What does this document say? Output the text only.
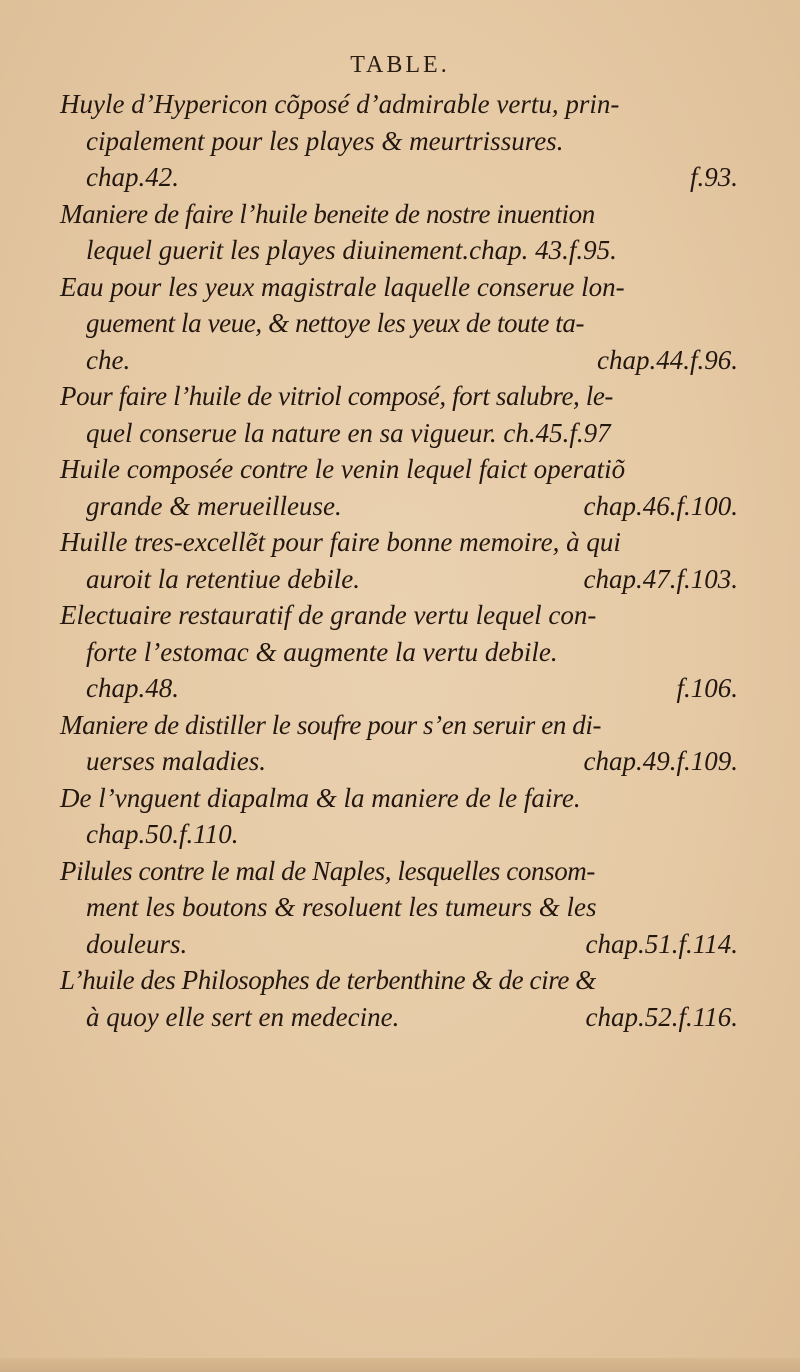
TABLE.
Huyle d’Hypericon cõposé d’admirable vertu, prin-
cipalement pour les playes & meurtrissures.
chap.42.	f.93.
Maniere de faire l’huile beneite de nostre inuention
lequel guerit les playes diuinement.chap. 43.f.95.
Eau pour les yeux magistrale laquelle conserue lon-
guement la veue, & nettoye les yeux de toute ta-
che.	chap.44.f.96.
Pour faire l’huile de vitriol composé, fort salubre, le-
quel conserue la nature en sa vigueur. ch.45.f.97
Huile composée contre le venin lequel faict operatiõ
grande & merueilleuse.	chap.46.f.100.
Huille tres-excellẽt pour faire bonne memoire, à qui
auroit la retentiue debile.	chap.47.f.103.
Electuaire restauratif de grande vertu lequel con-
forte l’estomac & augmente la vertu debile.
chap.48.	f.106.
Maniere de distiller le soufre pour s’en seruir en di-
uerses maladies.	chap.49.f.109.
De l’vnguent diapalma & la maniere de le faire.
chap.50.f.110.
Pilules contre le mal de Naples, lesquelles consom-
ment les boutons & resoluent les tumeurs & les
douleurs.	chap.51.f.114.
L’huile des Philosophes de terbenthine & de cire &
à quoy elle sert en medecine.	chap.52.f.116.
